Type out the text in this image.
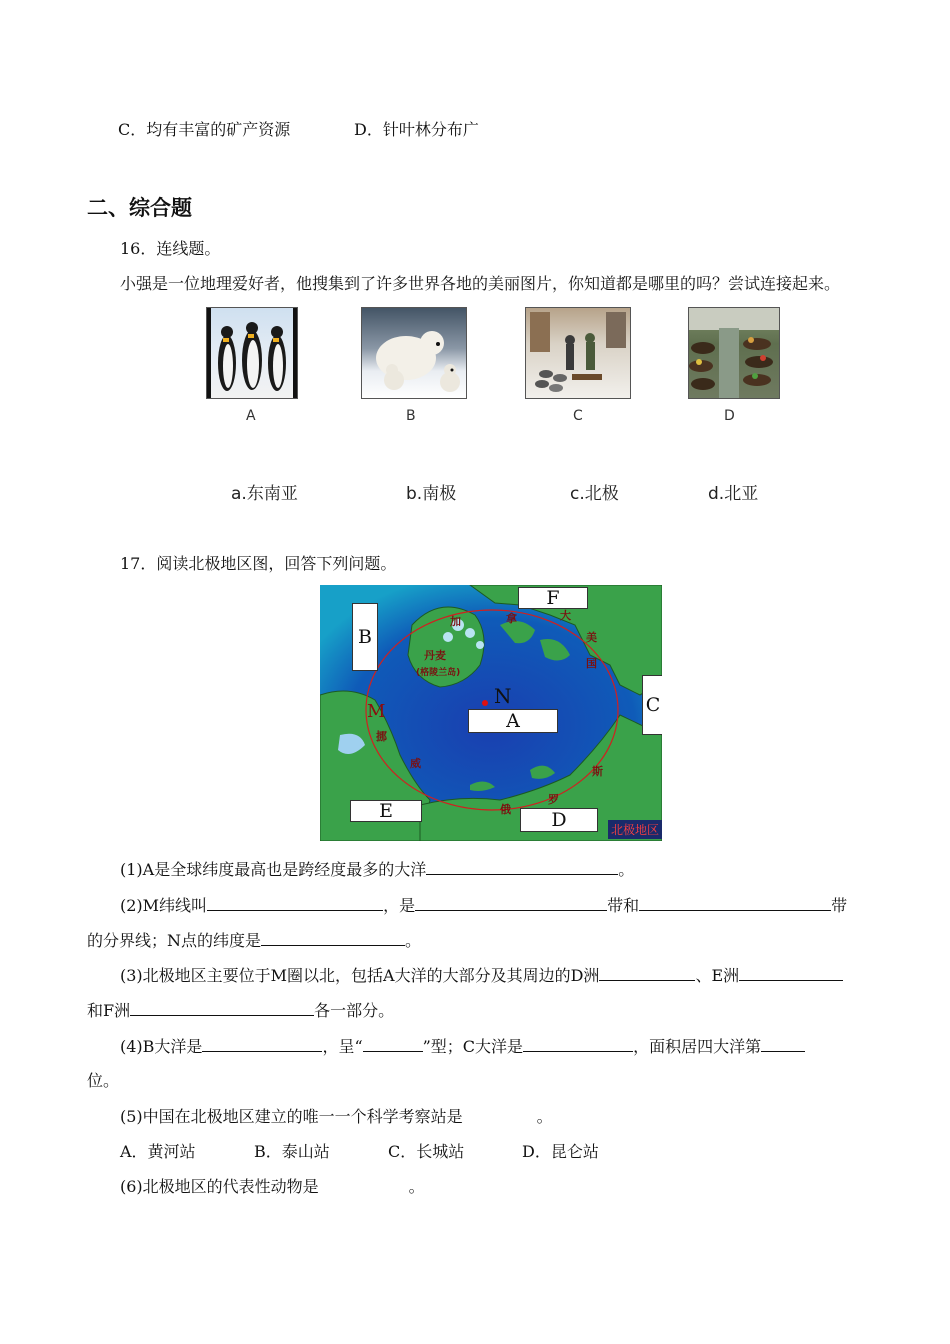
C．均有丰富的矿产资源	D．针叶林分布广
二、综合题
16．连线题。
小强是一位地理爱好者，他搜集到了许多世界各地的美丽图片，你知道都是哪里的吗？尝试连接起来。
A	B	C	D
a.东南亚	b.南极	c.北极	d.北亚
17．阅读北极地区图，回答下列问题。
B
F
C
A
E	D
N
M
加	拿	大
美
国
挪
威
斯
罗
俄
丹麦
(格陵兰岛)
北极地区
(1)A是全球纬度最高也是跨经度最多的大洋	。
(2)M纬线叫	，是	带和	带
的分界线；N点的纬度是	。
(3)北极地区主要位于M圈以北，包括A大洋的大部分及其周边的D洲	、E洲
和F洲	各一部分。
(4)B大洋是	，呈“	”型；C大洋是	，面积居四大洋第
位。
(5)中国在北极地区建立的唯一一个科学考察站是	。
A．黄河站	B．泰山站	C．长城站	D．昆仑站
(6)北极地区的代表性动物是	。
